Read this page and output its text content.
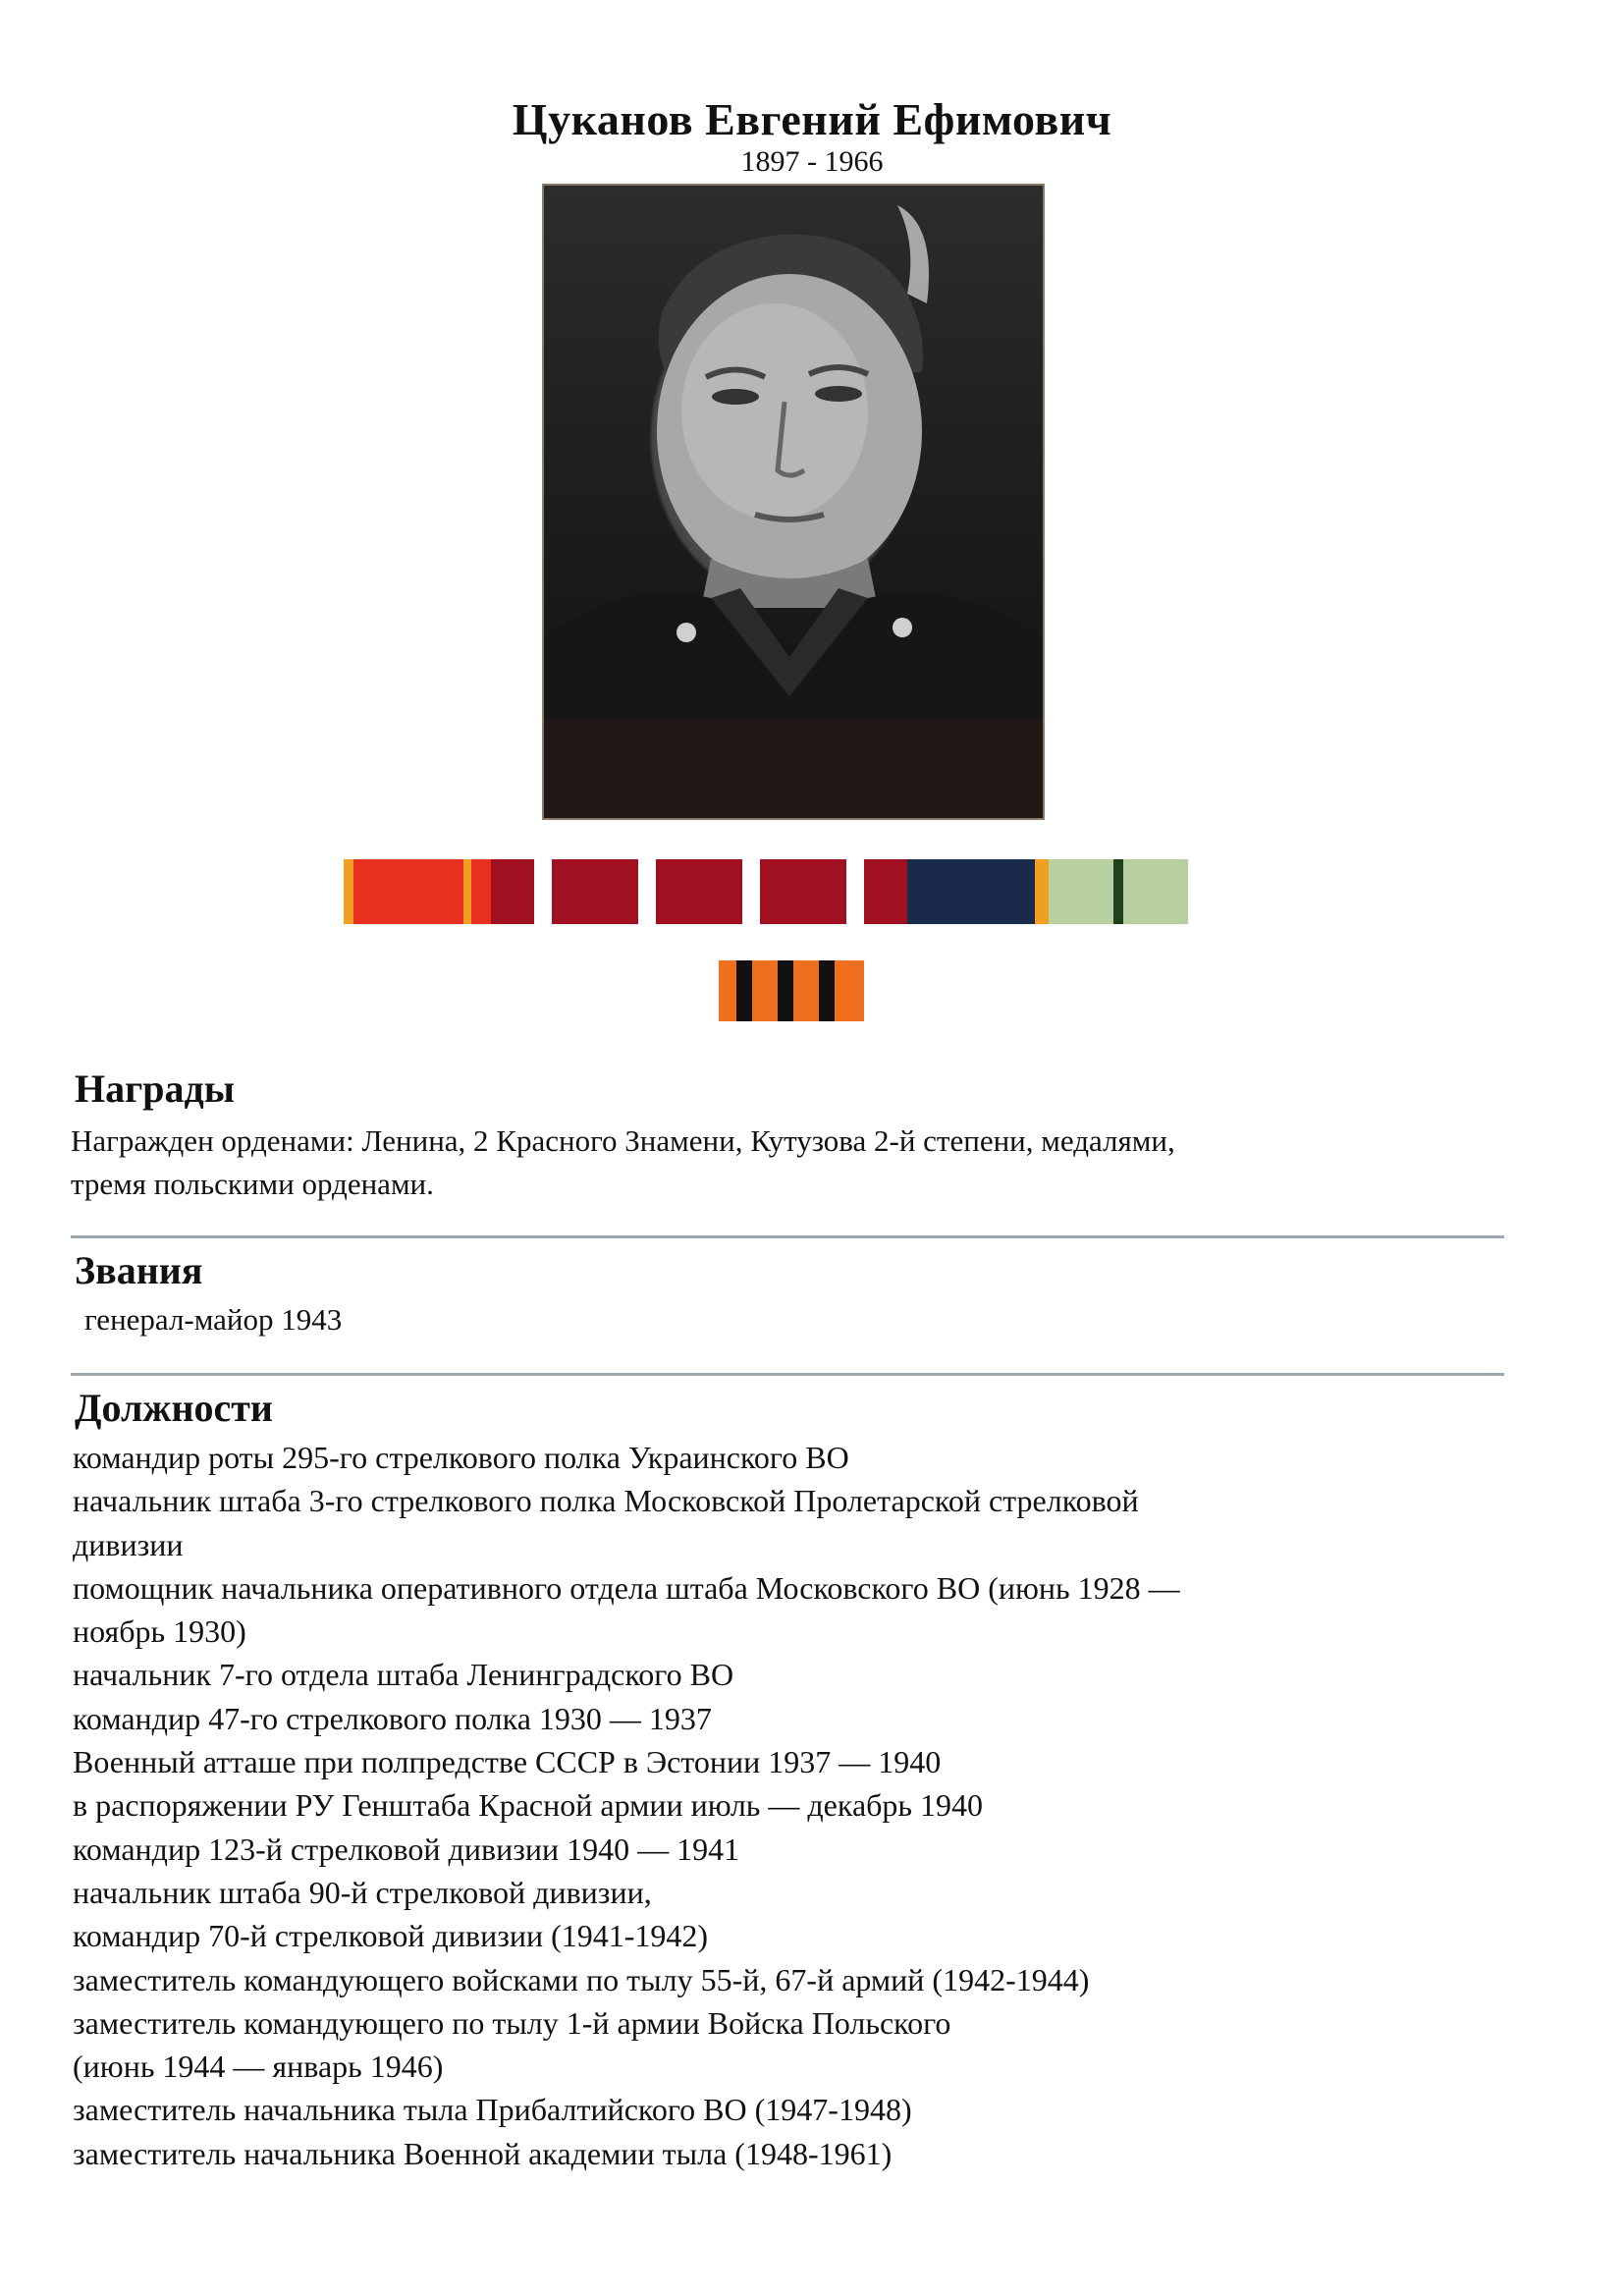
Цуканов Евгений Ефимович
1897 - 1966
Награды
Награжден орденами: Ленина, 2 Красного Знамени, Кутузова 2-й степени, медалями,
тремя польскими орденами.
Звания
генерал-майор 1943
Должности
командир роты 295-го стрелкового полка Украинского ВО
начальник штаба 3-го стрелкового полка Московской Пролетарской стрелковой
дивизии
помощник начальника оперативного отдела штаба Московского ВО (июнь 1928 —
ноябрь 1930)
начальник 7-го отдела штаба Ленинградского ВО
командир 47-го стрелкового полка 1930 — 1937
Военный атташе при полпредстве СССР в Эстонии 1937 — 1940
в распоряжении РУ Генштаба Красной армии июль — декабрь 1940
командир 123-й стрелковой дивизии 1940 — 1941
начальник штаба 90-й стрелковой дивизии,
командир 70-й стрелковой дивизии (1941-1942)
заместитель командующего войсками по тылу 55-й, 67-й армий (1942-1944)
заместитель командующего по тылу 1-й армии Войска Польского
(июнь 1944 — январь 1946)
заместитель начальника тыла Прибалтийского ВО (1947-1948)
заместитель начальника Военной академии тыла (1948-1961)
